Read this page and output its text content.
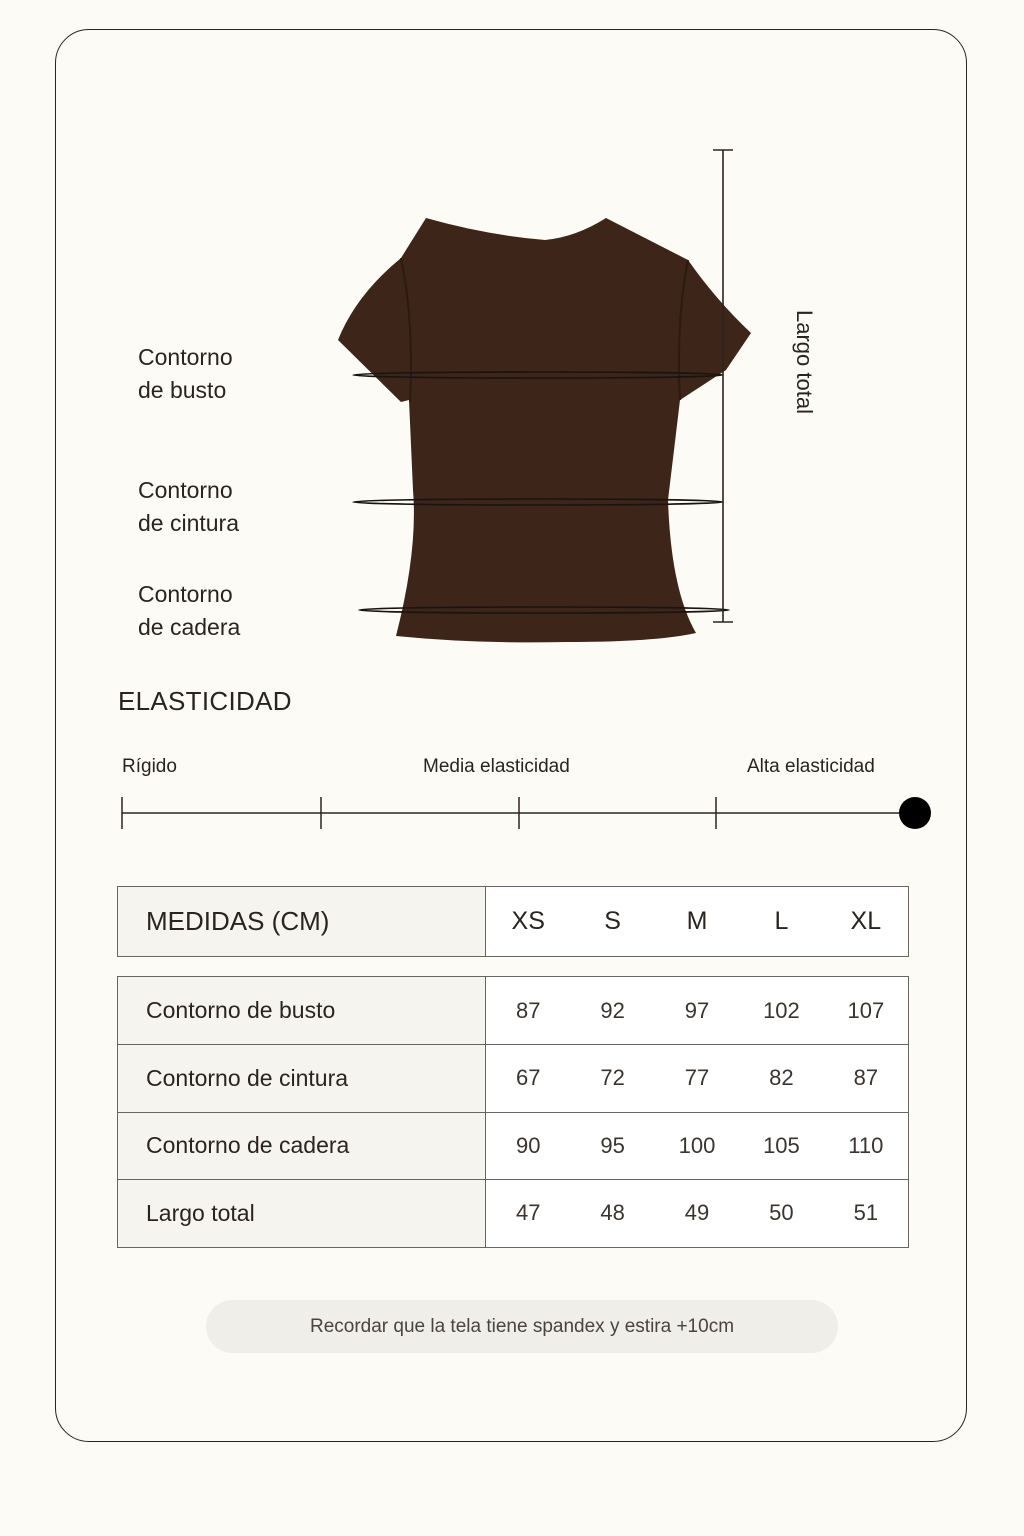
Contorno
de busto
Contorno
de cintura
Contorno
de cadera
Largo total
ELASTICIDAD
Rígido	Media elasticidad	Alta elasticidad
MEDIDAS (CM)	XS	S	M	L	XL
Contorno de busto	87	92	97	102	107
Contorno de cintura	67	72	77	82	87
Contorno de cadera	90	95	100	105	110
Largo total	47	48	49	50	51
Recordar que la tela tiene spandex y estira +10cm
